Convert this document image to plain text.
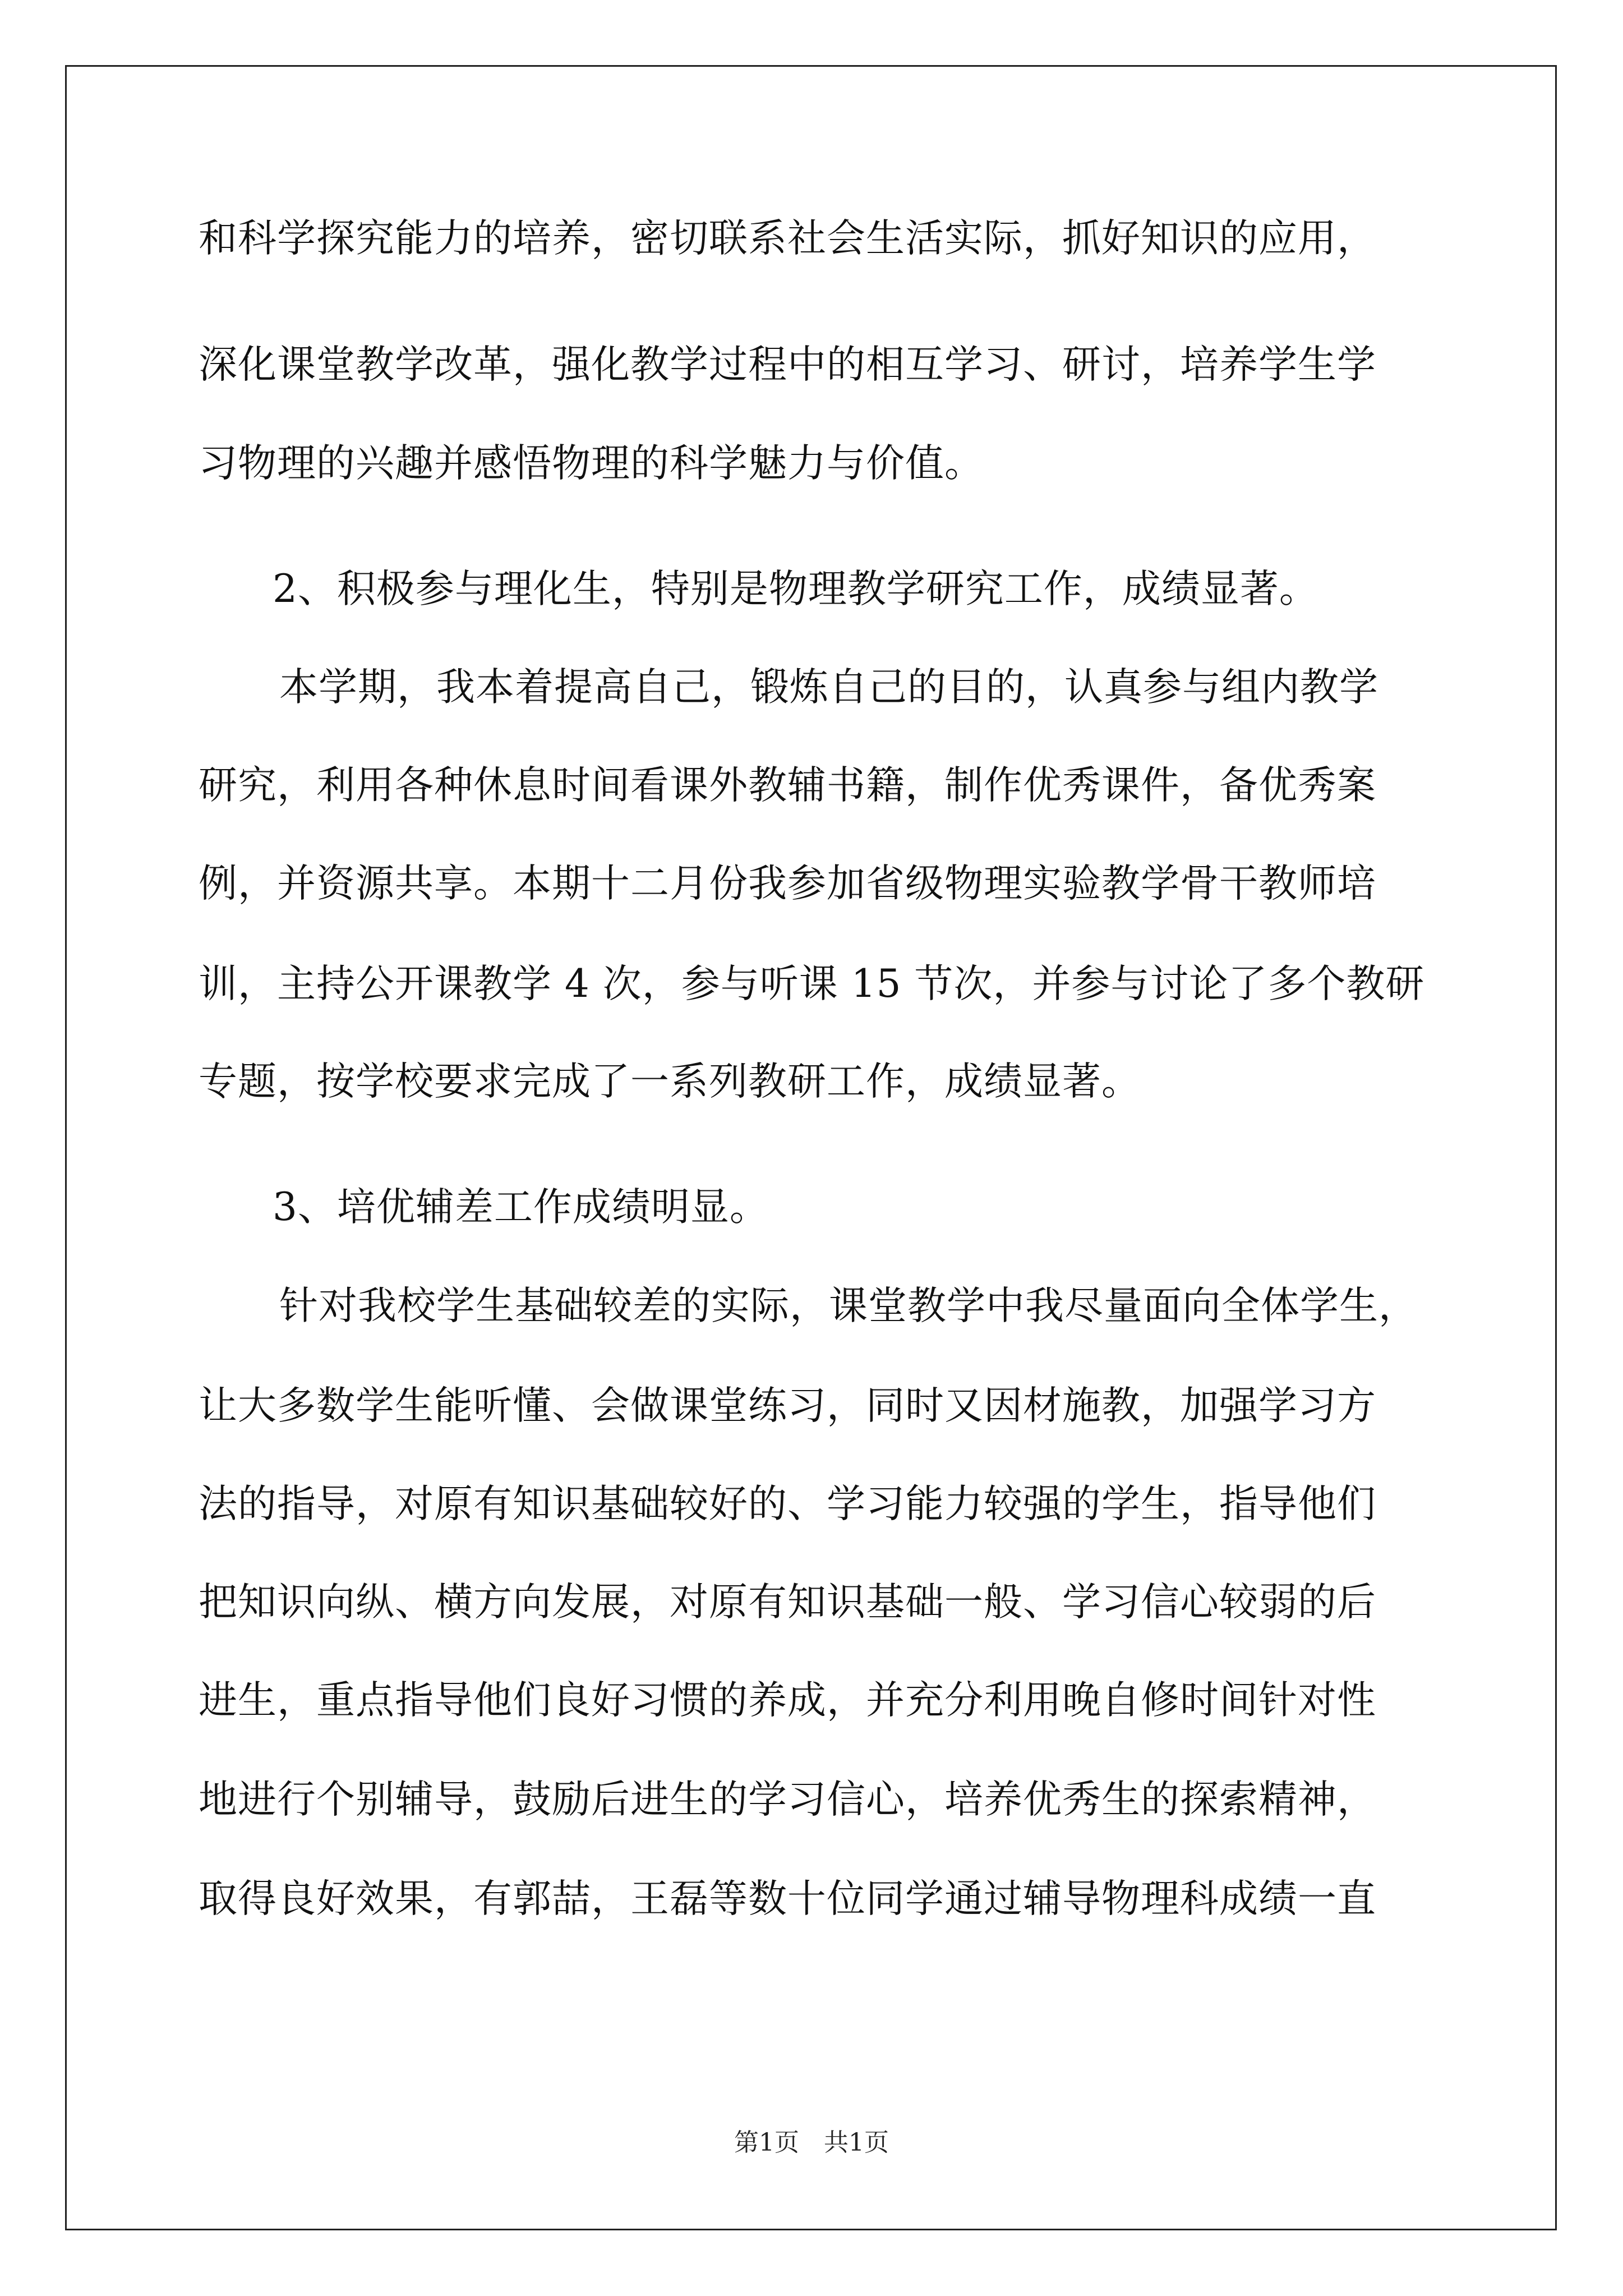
和科学探究能力的培养，密切联系社会生活实际，抓好知识的应用，
深化课堂教学改革，强化教学过程中的相互学习、研讨，培养学生学
习物理的兴趣并感悟物理的科学魅力与价值。
2、积极参与理化生，特别是物理教学研究工作，成绩显著。
本学期，我本着提高自己，锻炼自己的目的，认真参与组内教学
研究，利用各种休息时间看课外教辅书籍，制作优秀课件，备优秀案
例，并资源共享。本期十二月份我参加省级物理实验教学骨干教师培
训，主持公开课教学 4 次，参与听课 15 节次，并参与讨论了多个教研
专题，按学校要求完成了一系列教研工作，成绩显著。
3、培优辅差工作成绩明显。
针对我校学生基础较差的实际，课堂教学中我尽量面向全体学生，
让大多数学生能听懂、会做课堂练习，同时又因材施教，加强学习方
法的指导，对原有知识基础较好的、学习能力较强的学生，指导他们
把知识向纵、横方向发展，对原有知识基础一般、学习信心较弱的后
进生，重点指导他们良好习惯的养成，并充分利用晚自修时间针对性
地进行个别辅导，鼓励后进生的学习信心，培养优秀生的探索精神，
取得良好效果，有郭喆，王磊等数十位同学通过辅导物理科成绩一直
第1页 共1页
